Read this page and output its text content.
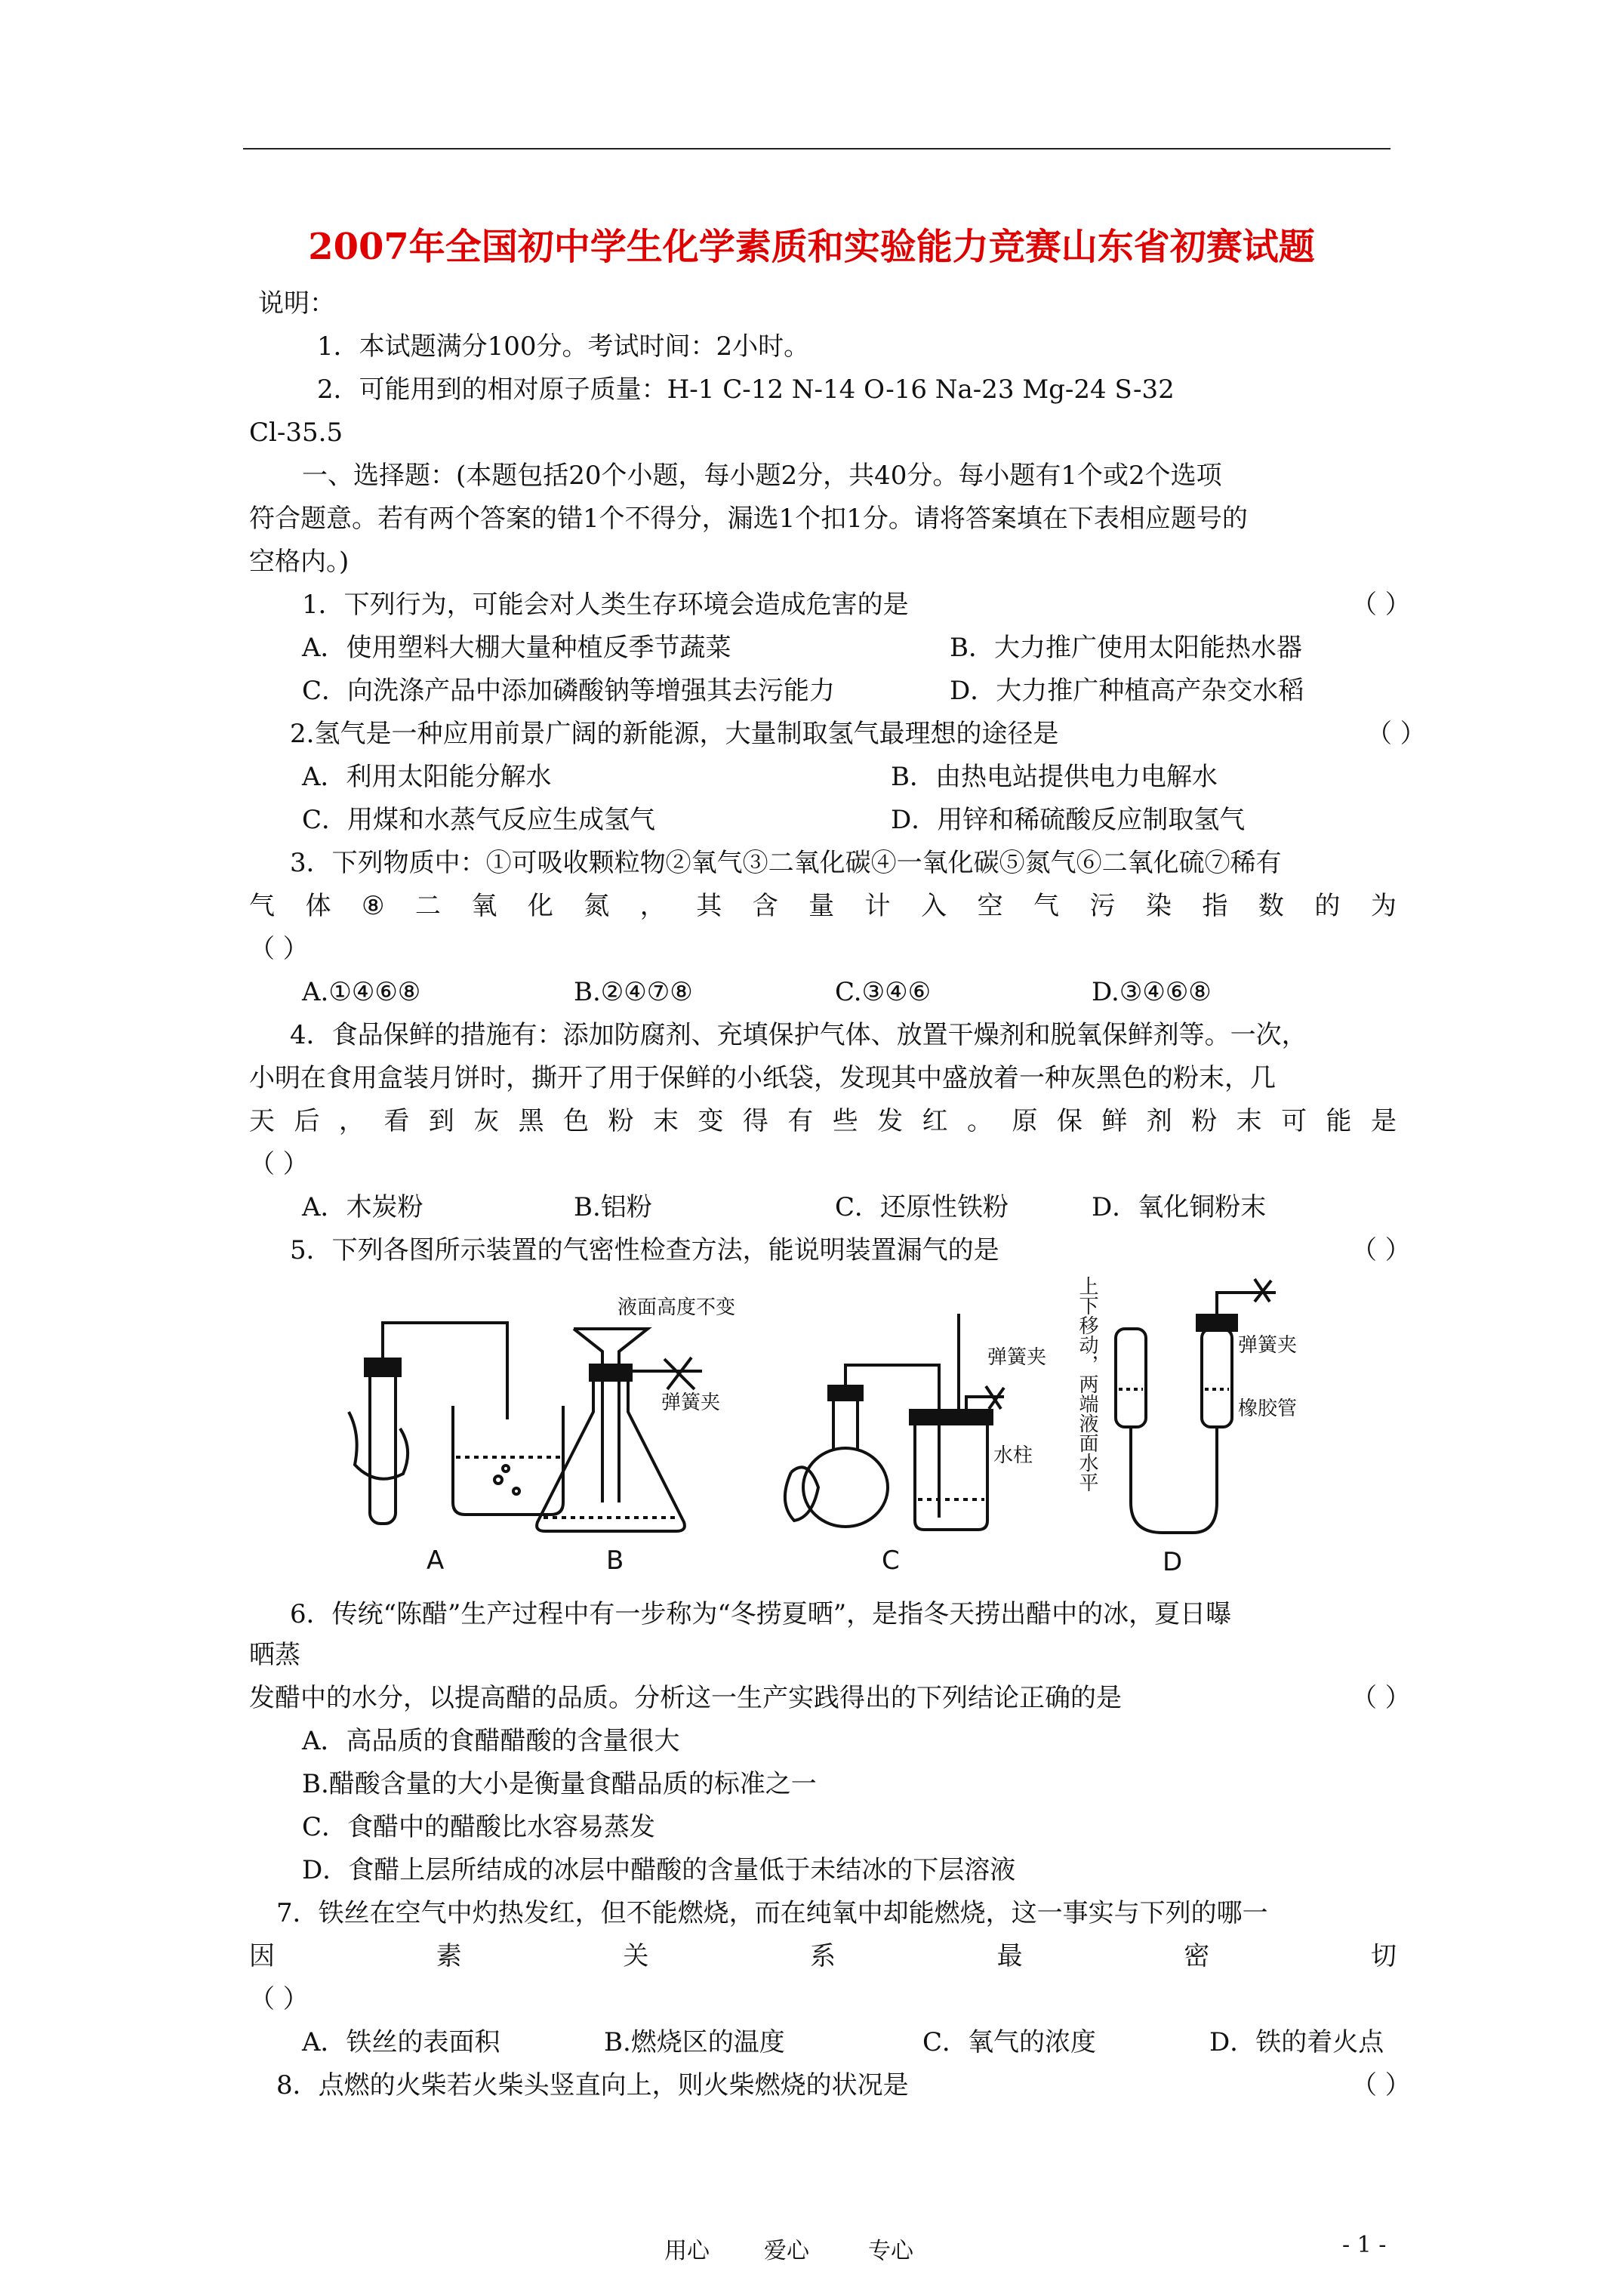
2007年全国初中学生化学素质和实验能力竞赛山东省初赛试题
说明：
1．本试题满分100分。考试时间：2小时。
2．可能用到的相对原子质量：H-1 C-12 N-14 O-16 Na-23 Mg-24 S-32
Cl-35.5
一、选择题：(本题包括20个小题，每小题2分，共40分。每小题有1个或2个选项
符合题意。若有两个答案的错1个不得分，漏选1个扣1分。请将答案填在下表相应题号的
空格内。)
1．下列行为，可能会对人类生存环境会造成危害的是	（ ）
A．使用塑料大棚大量种植反季节蔬菜	B．大力推广使用太阳能热水器
C．向洗涤产品中添加磷酸钠等增强其去污能力	D．大力推广种植高产杂交水稻
2.氢气是一种应用前景广阔的新能源，大量制取氢气最理想的途径是	（ ）
A．利用太阳能分解水	B．由热电站提供电力电解水
C．用煤和水蒸气反应生成氢气	D．用锌和稀硫酸反应制取氢气
3．下列物质中：①可吸收颗粒物②氧气③二氧化碳④一氧化碳⑤氮气⑥二氧化硫⑦稀有
气 体 ⑧ 二 氧 化 氮 ， 其 含 量 计 入 空 气 污 染 指 数 的 为
（ ）
A.①④⑥⑧	B.②④⑦⑧	C.③④⑥	D.③④⑥⑧
4．食品保鲜的措施有：添加防腐剂、充填保护气体、放置干燥剂和脱氧保鲜剂等。一次，
小明在食用盒装月饼时，撕开了用于保鲜的小纸袋，发现其中盛放着一种灰黑色的粉末，几
天 后 ， 看 到 灰 黑 色 粉 末 变 得 有 些 发 红 。 原 保 鲜 剂 粉 末 可 能 是
（ ）
A．木炭粉	B.铝粉	C．还原性铁粉	D．氧化铜粉末
5．下列各图所示装置的气密性检查方法，能说明装置漏气的是	（ ）
液面高度不变
弹簧夹
弹簧夹
水柱 上下移动，两端液面水平	弹簧夹
橡胶管
A	B	C	D
6．传统“陈醋”生产过程中有一步称为“冬捞夏晒”，是指冬天捞出醋中的冰，夏日曝
晒蒸
发醋中的水分，以提高醋的品质。分析这一生产实践得出的下列结论正确的是	（ ）
A．高品质的食醋醋酸的含量很大
B.醋酸含量的大小是衡量食醋品质的标准之一
C．食醋中的醋酸比水容易蒸发
D．食醋上层所结成的冰层中醋酸的含量低于未结冰的下层溶液
7．铁丝在空气中灼热发红，但不能燃烧，而在纯氧中却能燃烧，这一事实与下列的哪一
因	素	关	系	最	密	切
（ ）
A．铁丝的表面积	B.燃烧区的温度	C．氧气的浓度	D．铁的着火点
8．点燃的火柴若火柴头竖直向上，则火柴燃烧的状况是	（ ）
用心 爱心	专心	- 1 -
